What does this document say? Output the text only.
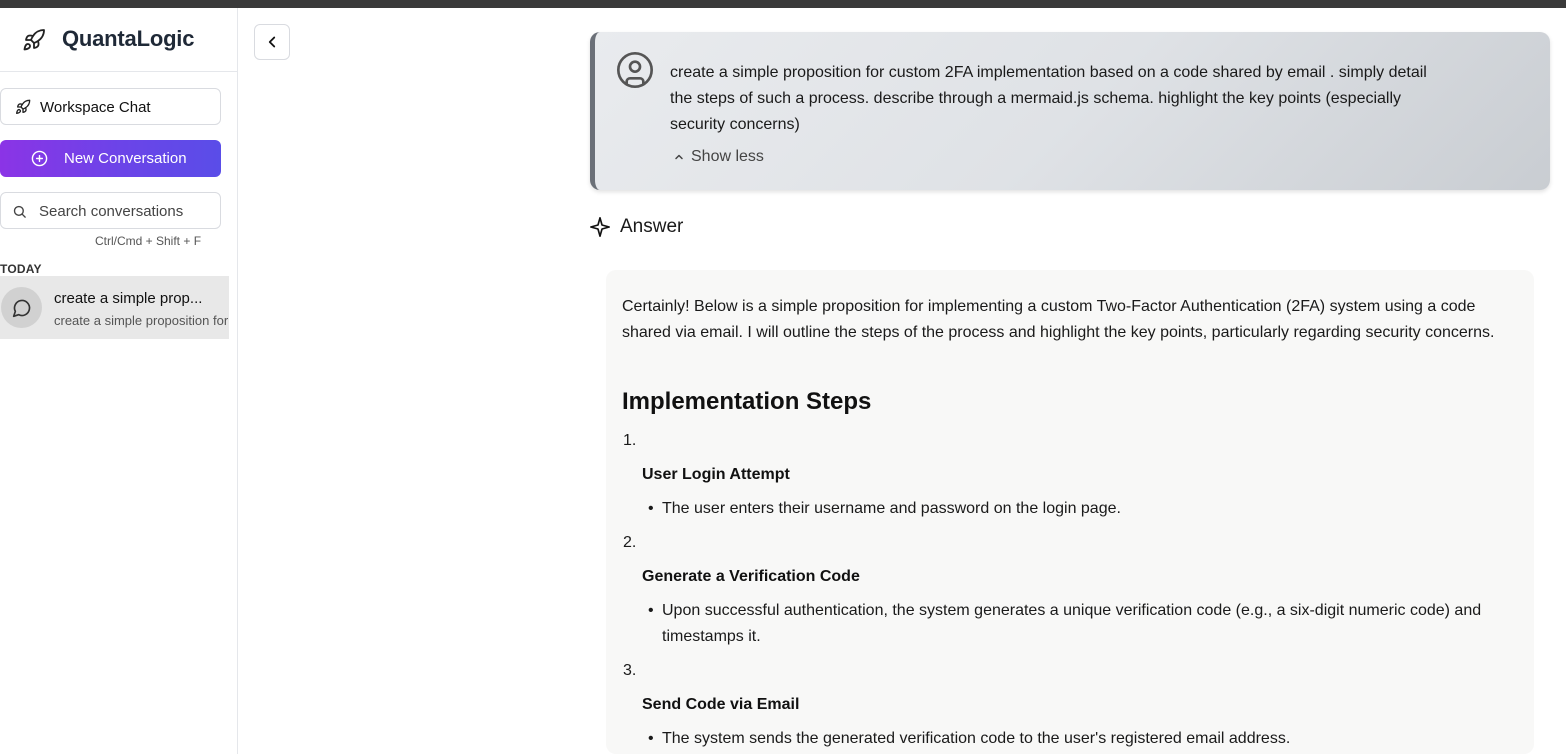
QuantaLogic
Workspace Chat
New Conversation
Search conversations
Ctrl/Cmd + Shift + F
TODAY
create a simple prop...
create a simple proposition for
create a simple proposition for custom 2FA implementation based on a code shared by email . simply detail the steps of such a process. describe through a mermaid.js schema. highlight the key points (especially security concerns)
Show less
Answer
Certainly! Below is a simple proposition for implementing a custom Two-Factor Authentication (2FA) system using a code shared via email. I will outline the steps of the process and highlight the key points, particularly regarding security concerns.
Implementation Steps
1.
User Login Attempt
• The user enters their username and password on the login page.
2.
Generate a Verification Code
• Upon successful authentication, the system generates a unique verification code (e.g., a six-digit numeric code) and timestamps it.
3.
Send Code via Email
• The system sends the generated verification code to the user's registered email address.
